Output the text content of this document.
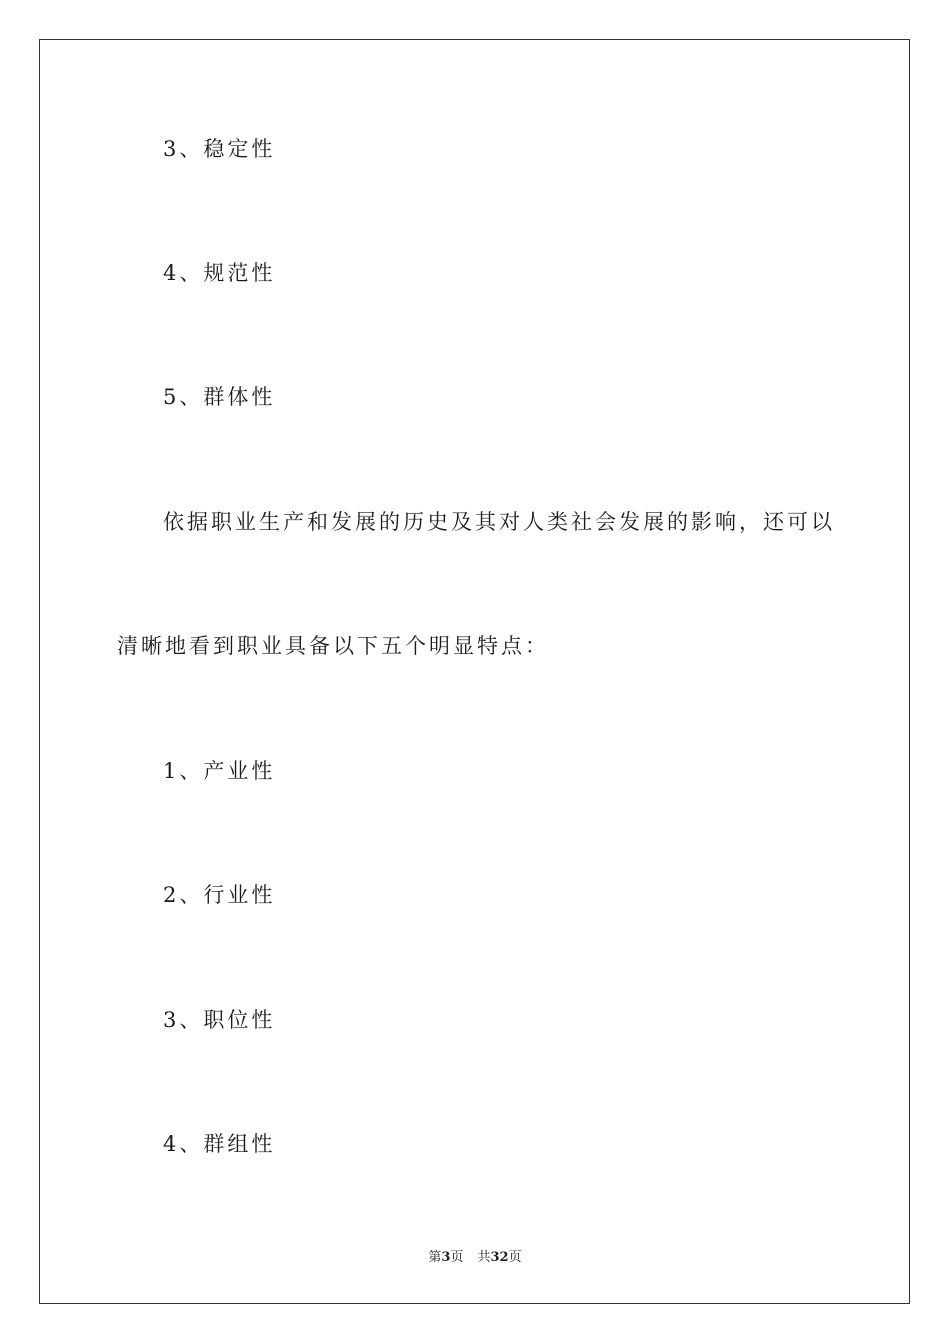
3、稳定性
4、规范性
5、群体性
依据职业生产和发展的历史及其对人类社会发展的影响，还可以
清晰地看到职业具备以下五个明显特点：
1、产业性
2、行业性
3、职位性
4、群组性
第3页 共32页
